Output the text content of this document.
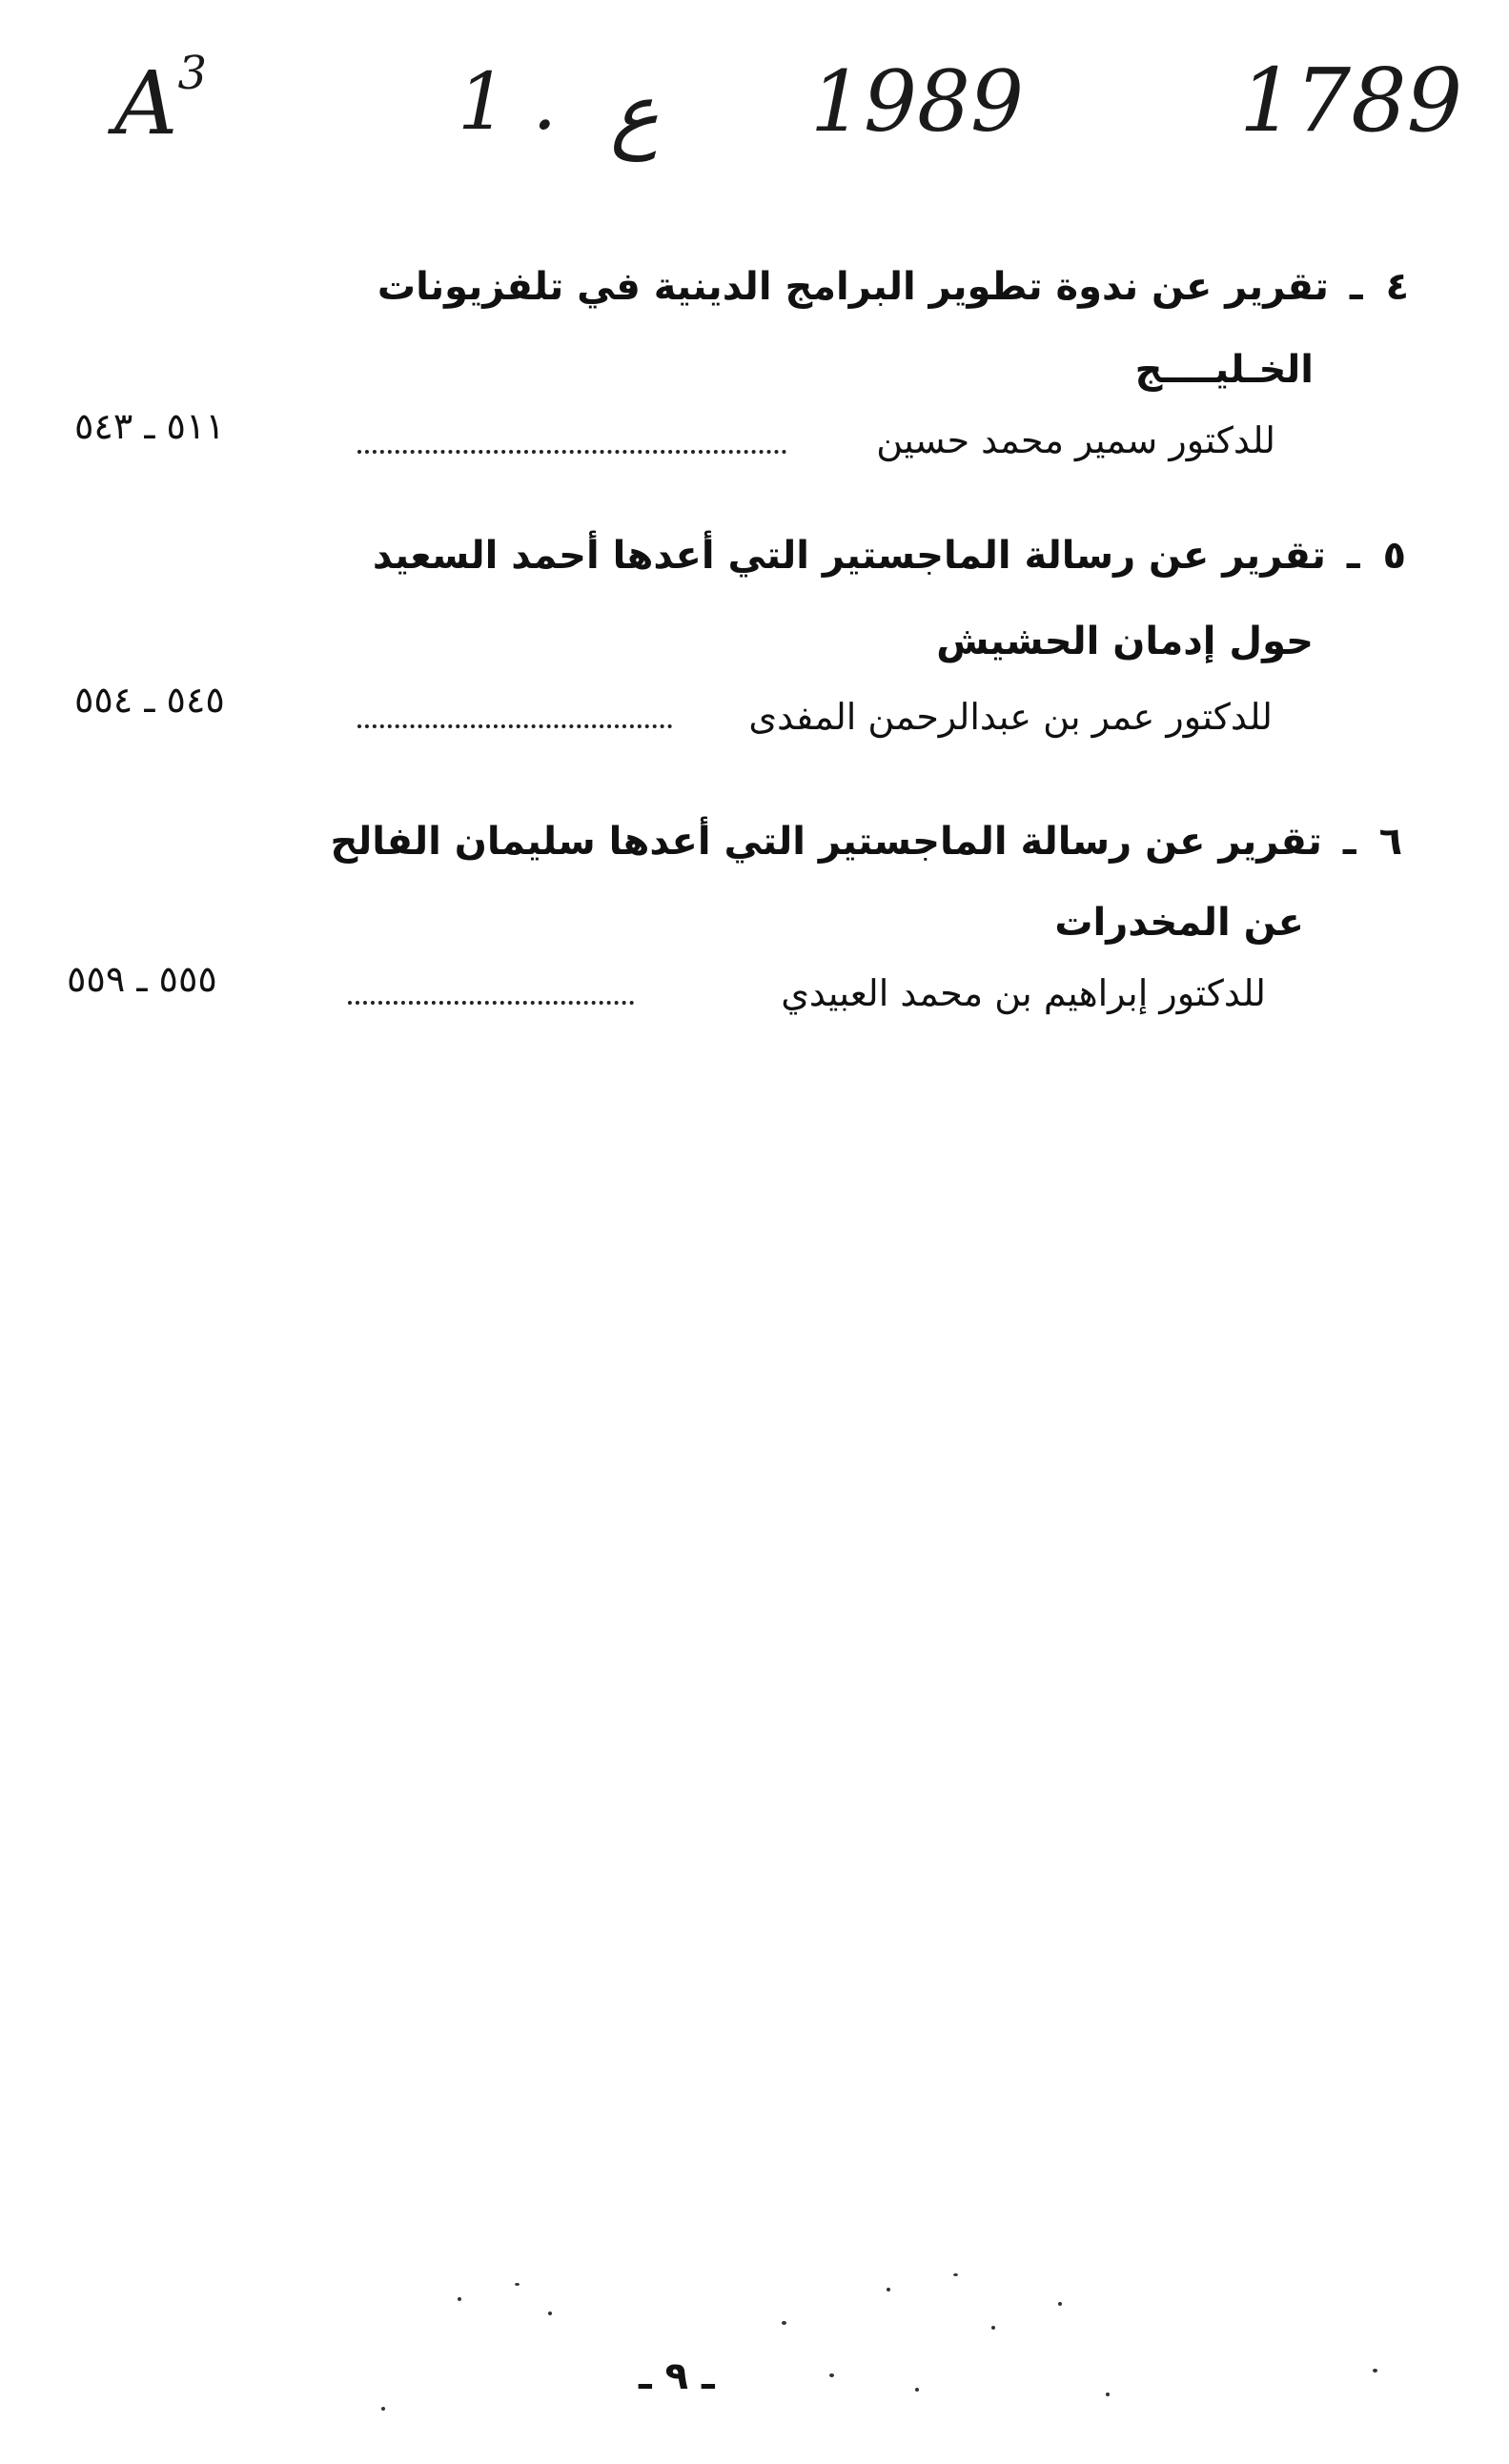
$A^3$	1 . ع 1989 1789
٤ـتقرير عن ندوة تطوير البرامج الدينية في تلفزيونات
الخـليــــج
٥١١ ـ ٥٤٣	للدكتور سمير محمد حسين
٥ـتقرير عن رسالة الماجستير التي أعدها أحمد السعيد
حول إدمان الحشيش
٥٤٥ ـ ٥٥٤	للدكتور عمر بن عبدالرحمن المفدى
٦ـتقرير عن رسالة الماجستير التي أعدها سليمان الفالح
عن المخدرات
٥٥٥ ـ ٥٥٩	للدكتور إبراهيم بن محمد العبيدي
ـ ٩ ـ
